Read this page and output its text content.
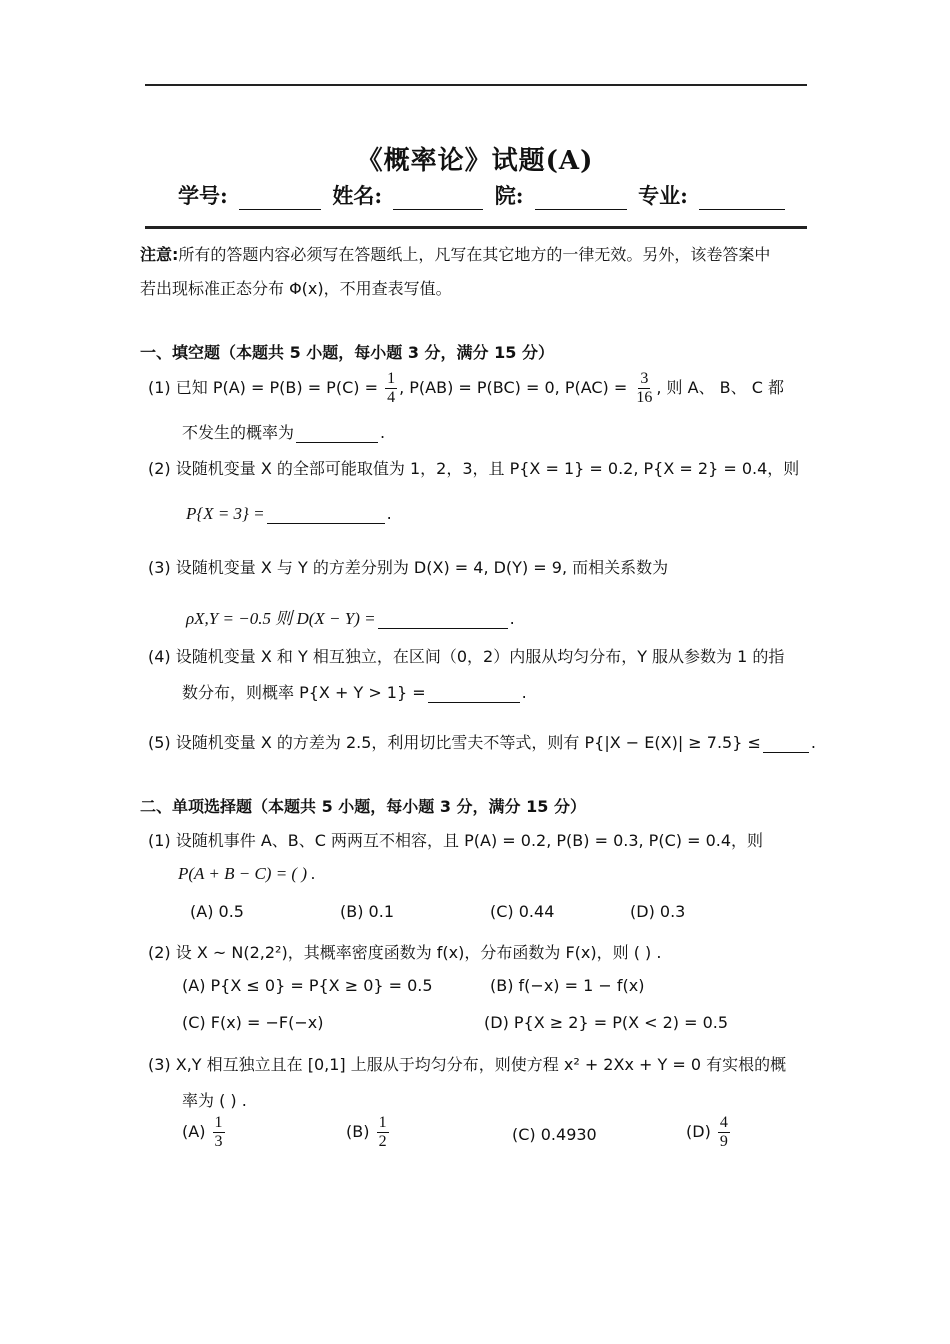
《概率论》试题(A)
学号:	姓名:	院:	专业:
注意:所有的答题内容必须写在答题纸上，凡写在其它地方的一律无效。另外，该卷答案中
若出现标准正态分布 Φ(x)，不用查表写值。
一、填空题（本题共 5 小题，每小题 3 分，满分 15 分）
(1) 已知 $P(A) = P(B) = P(C) = \frac{1}{4}$ , P(AB) = P(BC) = 0, $P(AC) = \frac{3}{16}$ , 则 A、 B、 C 都
不发生的概率为	.
(2) 设随机变量 X 的全部可能取值为 1，2，3，且 P{X = 1} = 0.2, P{X = 2} = 0.4，则
P{X = 3} =	.
(3) 设随机变量 X 与 Y 的方差分别为 D(X) = 4, D(Y) = 9, 而相关系数为
ρX,Y = −0.5 则 D(X − Y) =	.
(4) 设随机变量 X 和 Y 相互独立，在区间（0，2）内服从均匀分布，Y 服从参数为 1 的指
数分布，则概率 P{X + Y > 1} =	.
(5) 设随机变量 X 的方差为 2.5，利用切比雪夫不等式，则有 P{|X − E(X)| ≥ 7.5} ≤	.
二、单项选择题（本题共 5 小题，每小题 3 分，满分 15 分）
(1) 设随机事件 A、B、C 两两互不相容，且 P(A) = 0.2, P(B) = 0.3, P(C) = 0.4，则
P(A + B − C) = ( ) .
(A) 0.5	(B) 0.1	(C) 0.44	(D) 0.3
(2) 设 X ~ N(2,2²)，其概率密度函数为 f(x)，分布函数为 F(x)，则 ( ) .
(A) P{X ≤ 0} = P{X ≥ 0} = 0.5	(B) f(−x) = 1 − f(x)
(C) F(x) = −F(−x)	(D) P{X ≥ 2} = P(X < 2) = 0.5
(3) X,Y 相互独立且在 [0,1] 上服从于均匀分布，则使方程 x² + 2Xx + Y = 0 有实根的概
率为 ( ) .
$(A) \frac{1}{3}$	$(B) \frac{1}{2}$	(C) 0.4930	$(D) \frac{4}{9}$
